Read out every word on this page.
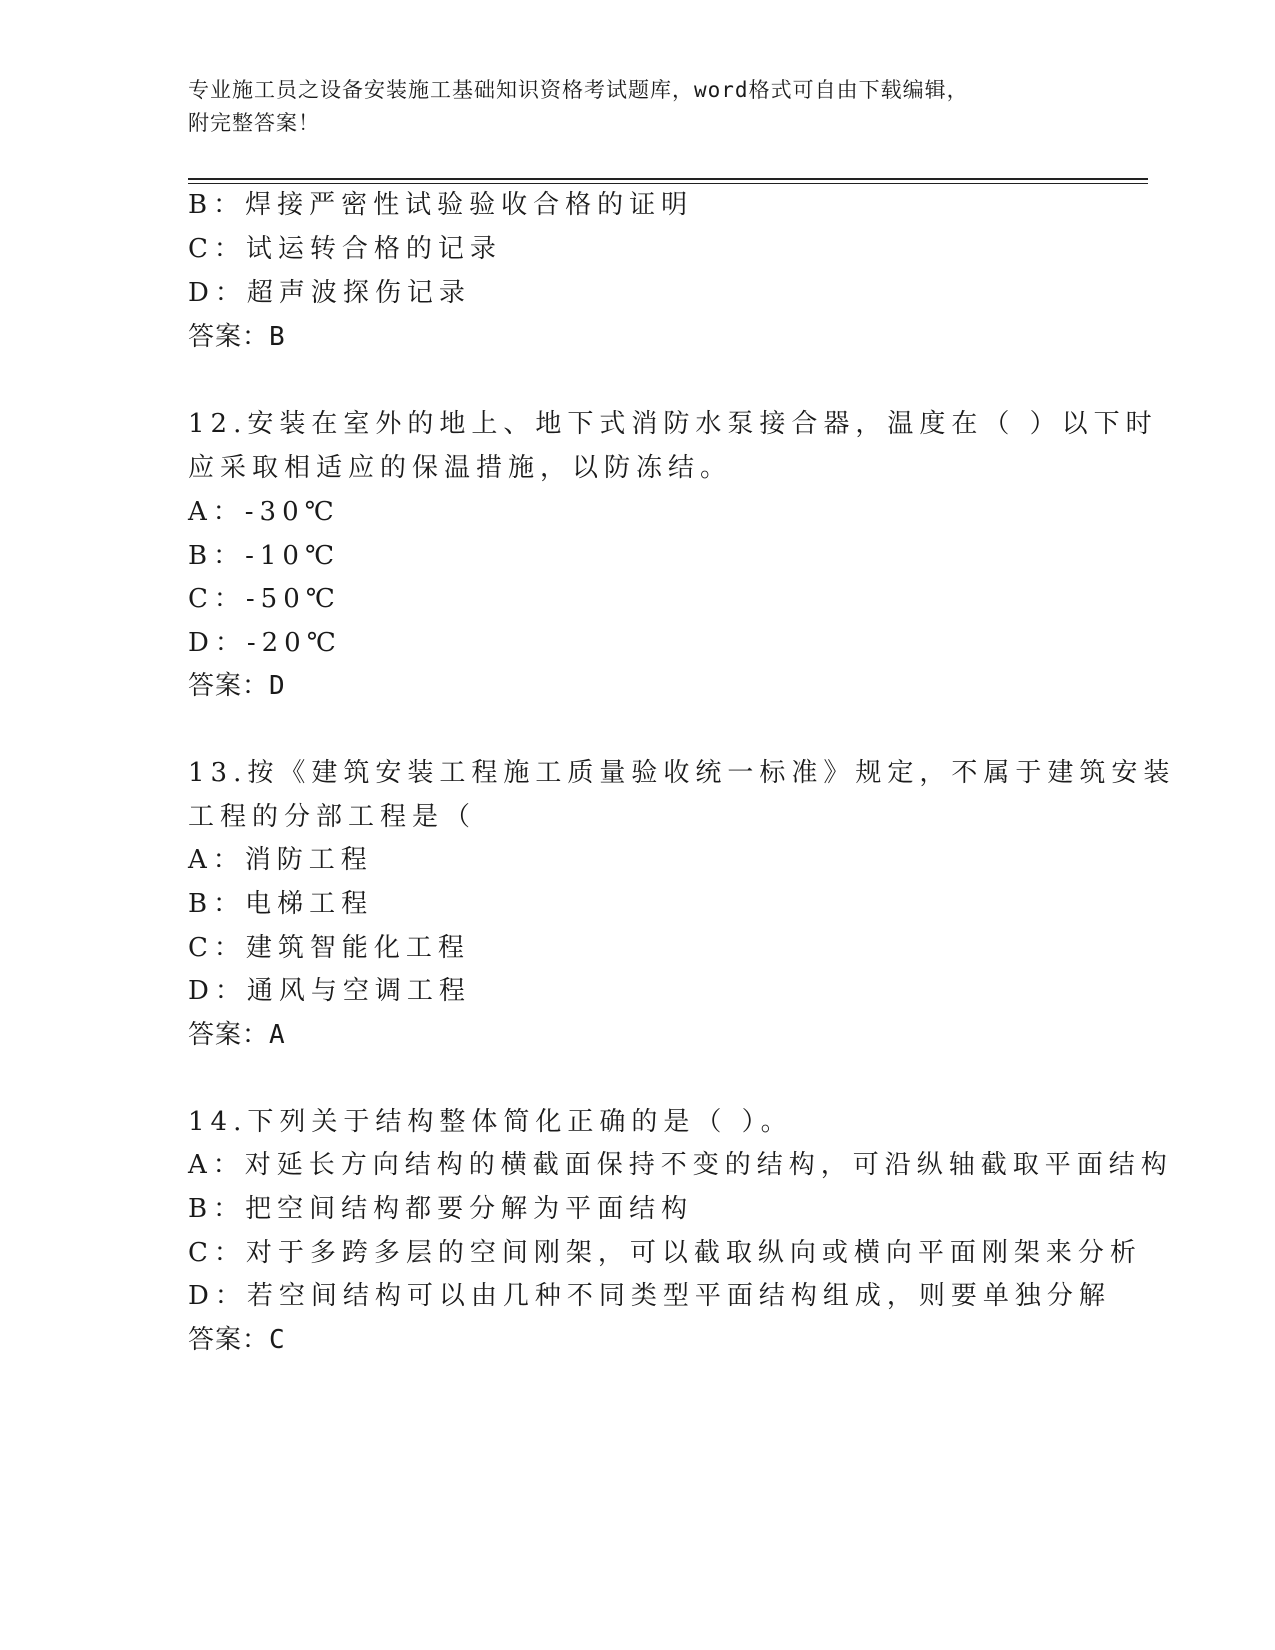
专业施工员之设备安装施工基础知识资格考试题库，word格式可自由下载编辑，
附完整答案！
B：焊接严密性试验验收合格的证明
C：试运转合格的记录
D：超声波探伤记录
答案：B
12.安装在室外的地上、地下式消防水泵接合器，温度在（ ）以下时
应采取相适应的保温措施，以防冻结。
A：-30℃
B：-10℃
C：-50℃
D：-20℃
答案：D
13.按《建筑安装工程施工质量验收统一标准》规定，不属于建筑安装
工程的分部工程是（
A：消防工程
B：电梯工程
C：建筑智能化工程
D：通风与空调工程
答案：A
14.下列关于结构整体简化正确的是（ ）。
A：对延长方向结构的横截面保持不变的结构，可沿纵轴截取平面结构
B：把空间结构都要分解为平面结构
C：对于多跨多层的空间刚架，可以截取纵向或横向平面刚架来分析
D：若空间结构可以由几种不同类型平面结构组成，则要单独分解
答案：C
